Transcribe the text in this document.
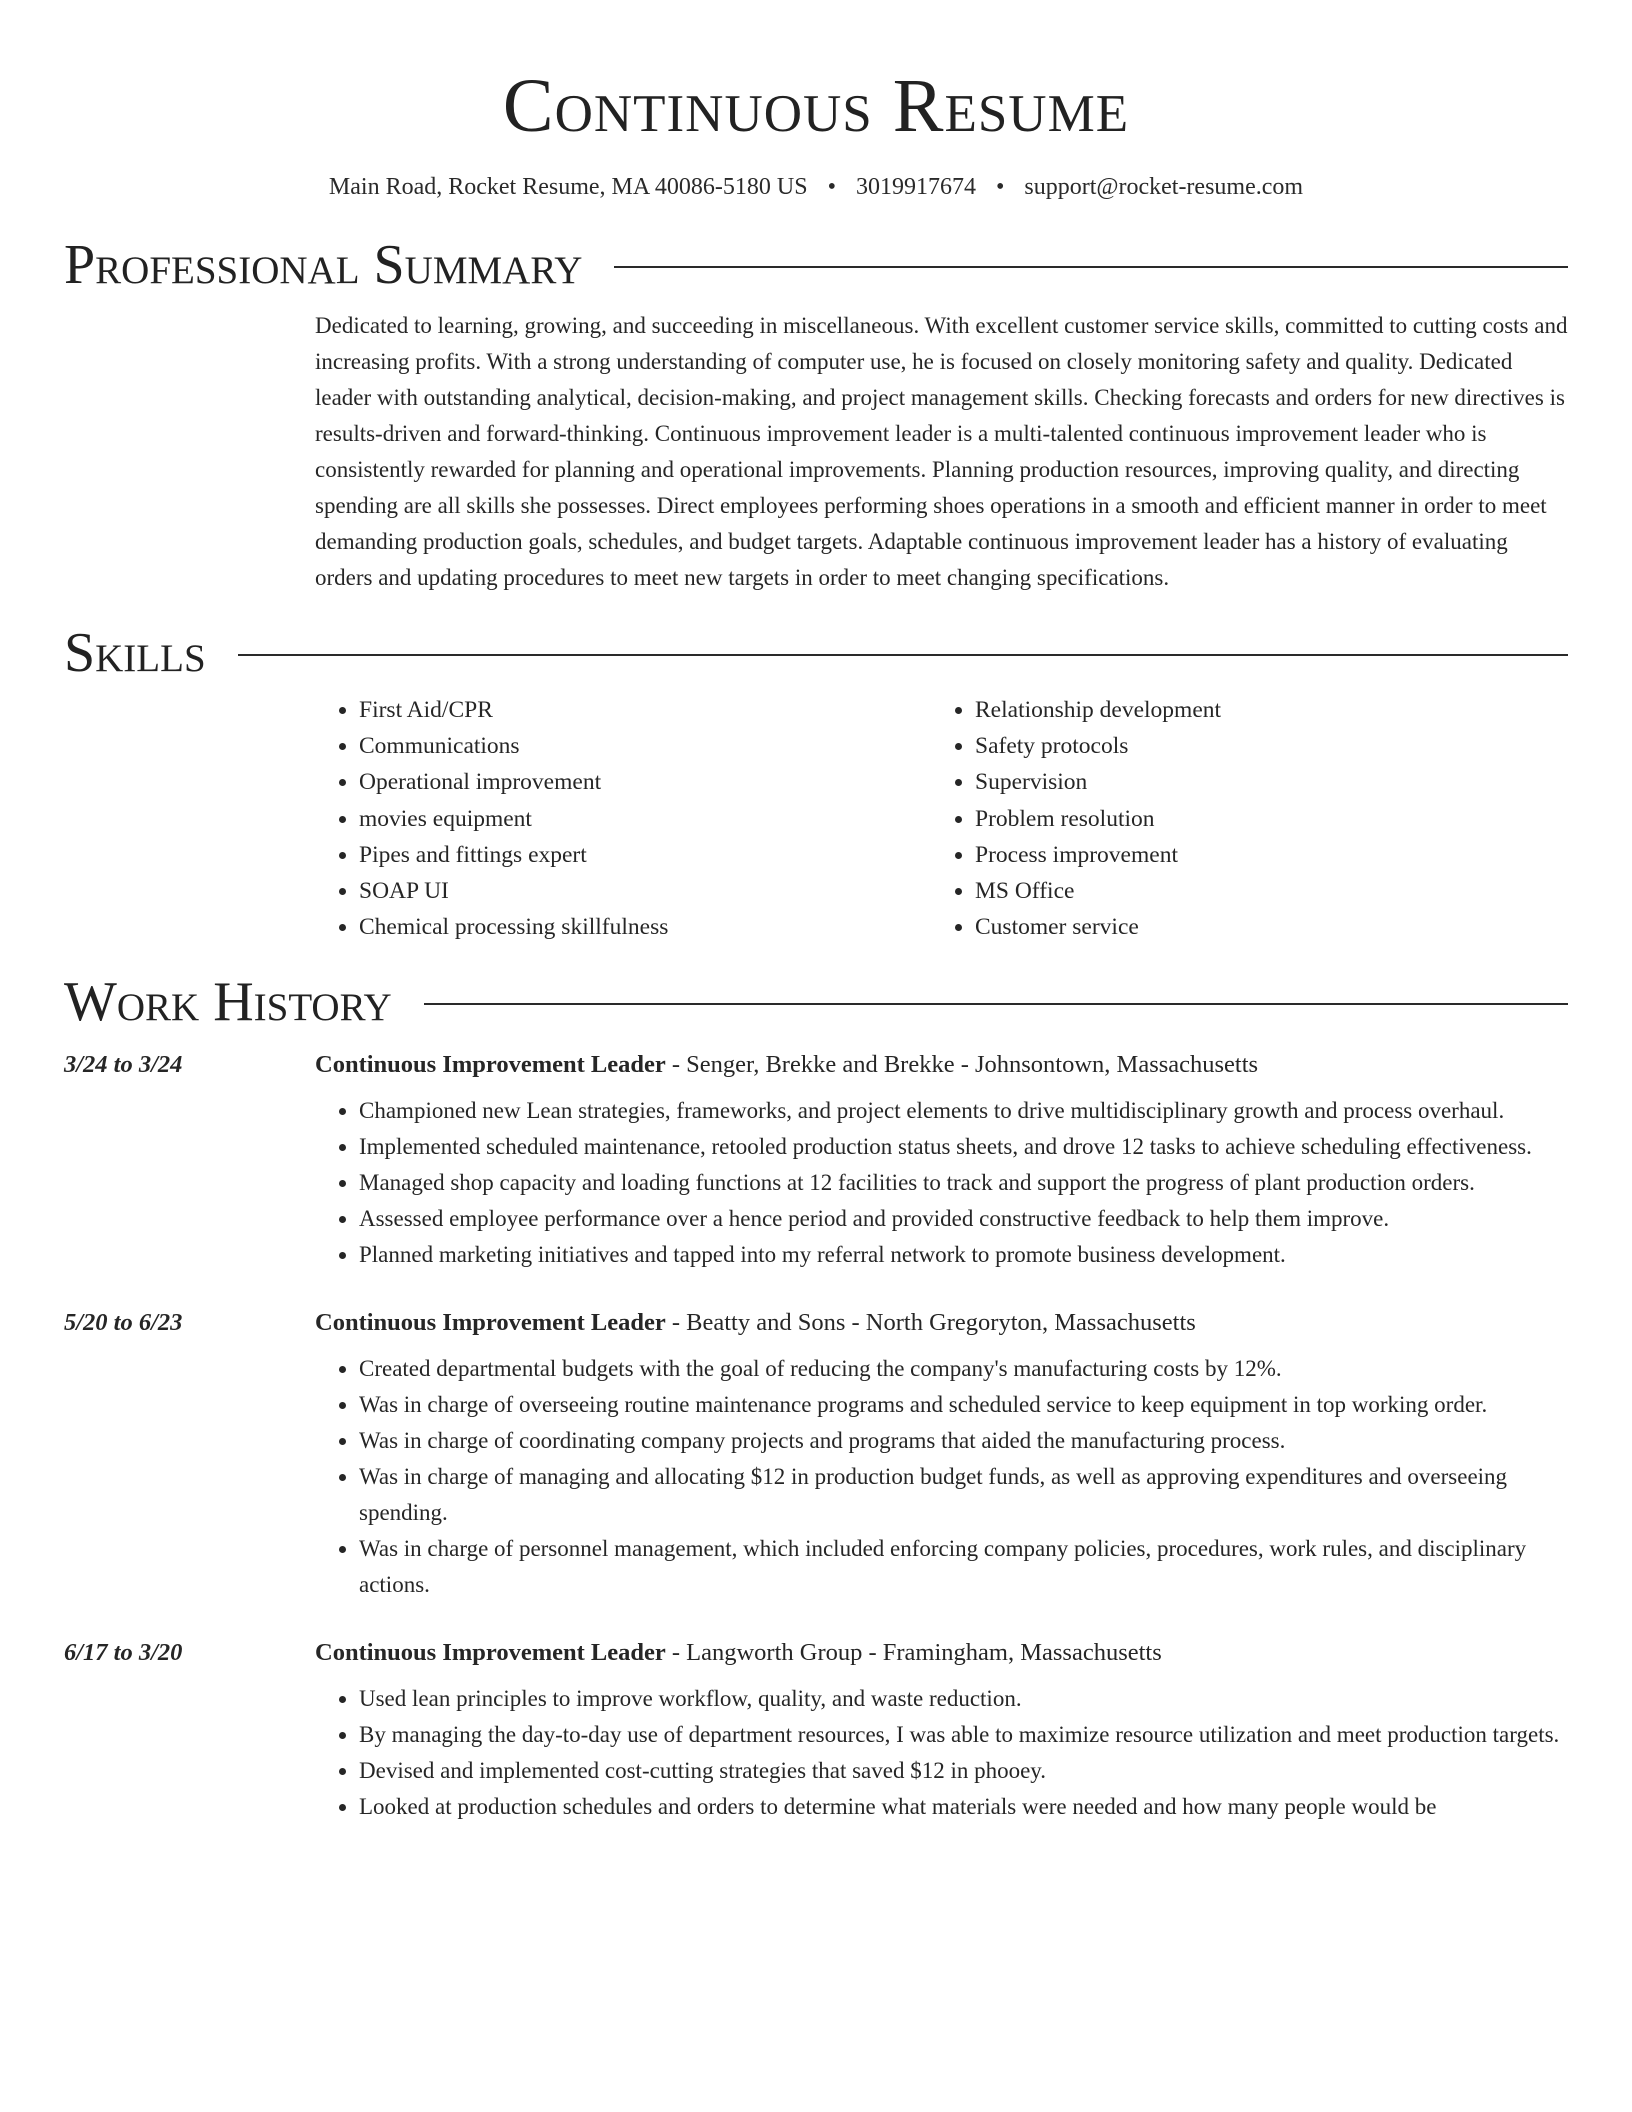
Continuous Resume
Main Road, Rocket Resume, MA 40086-5180 US • 3019917674 • support@rocket-resume.com
Professional Summary

Dedicated to learning, growing, and succeeding in miscellaneous. With excellent customer service skills, committed to cutting costs and increasing profits. With a strong understanding of computer use, he is focused on closely monitoring safety and quality. Dedicated leader with outstanding analytical, decision-making, and project management skills. Checking forecasts and orders for new directives is results-driven and forward-thinking. Continuous improvement leader is a multi-talented continuous improvement leader who is consistently rewarded for planning and operational improvements. Planning production resources, improving quality, and directing spending are all skills she possesses. Direct employees performing shoes operations in a smooth and efficient manner in order to meet demanding production goals, schedules, and budget targets. Adaptable continuous improvement leader has a history of evaluating orders and updating procedures to meet new targets in order to meet changing specifications.

Skills
• First Aid/CPR
• Communications
• Operational improvement
• movies equipment
• Pipes and fittings expert
• SOAP UI
• Chemical processing skillfulness
• Relationship development
• Safety protocols
• Supervision
• Problem resolution
• Process improvement
• MS Office
• Customer service
Work History
3/24 to 3/24	Continuous Improvement Leader - Senger, Brekke and Brekke - Johnsontown, Massachusetts
• Championed new Lean strategies, frameworks, and project elements to drive multidisciplinary growth and process overhaul.
• Implemented scheduled maintenance, retooled production status sheets, and drove 12 tasks to achieve scheduling effectiveness.
• Managed shop capacity and loading functions at 12 facilities to track and support the progress of plant production orders.
• Assessed employee performance over a hence period and provided constructive feedback to help them improve.
• Planned marketing initiatives and tapped into my referral network to promote business development.
5/20 to 6/23	Continuous Improvement Leader - Beatty and Sons - North Gregoryton, Massachusetts
• Created departmental budgets with the goal of reducing the company's manufacturing costs by 12%.
• Was in charge of overseeing routine maintenance programs and scheduled service to keep equipment in top working order.
• Was in charge of coordinating company projects and programs that aided the manufacturing process.
• Was in charge of managing and allocating $12 in production budget funds, as well as approving expenditures and overseeing spending.
• Was in charge of personnel management, which included enforcing company policies, procedures, work rules, and disciplinary actions.
6/17 to 3/20	Continuous Improvement Leader - Langworth Group - Framingham, Massachusetts
• Used lean principles to improve workflow, quality, and waste reduction.
• By managing the day-to-day use of department resources, I was able to maximize resource utilization and meet production targets.
• Devised and implemented cost-cutting strategies that saved $12 in phooey.
• Looked at production schedules and orders to determine what materials were needed and how many people would be
